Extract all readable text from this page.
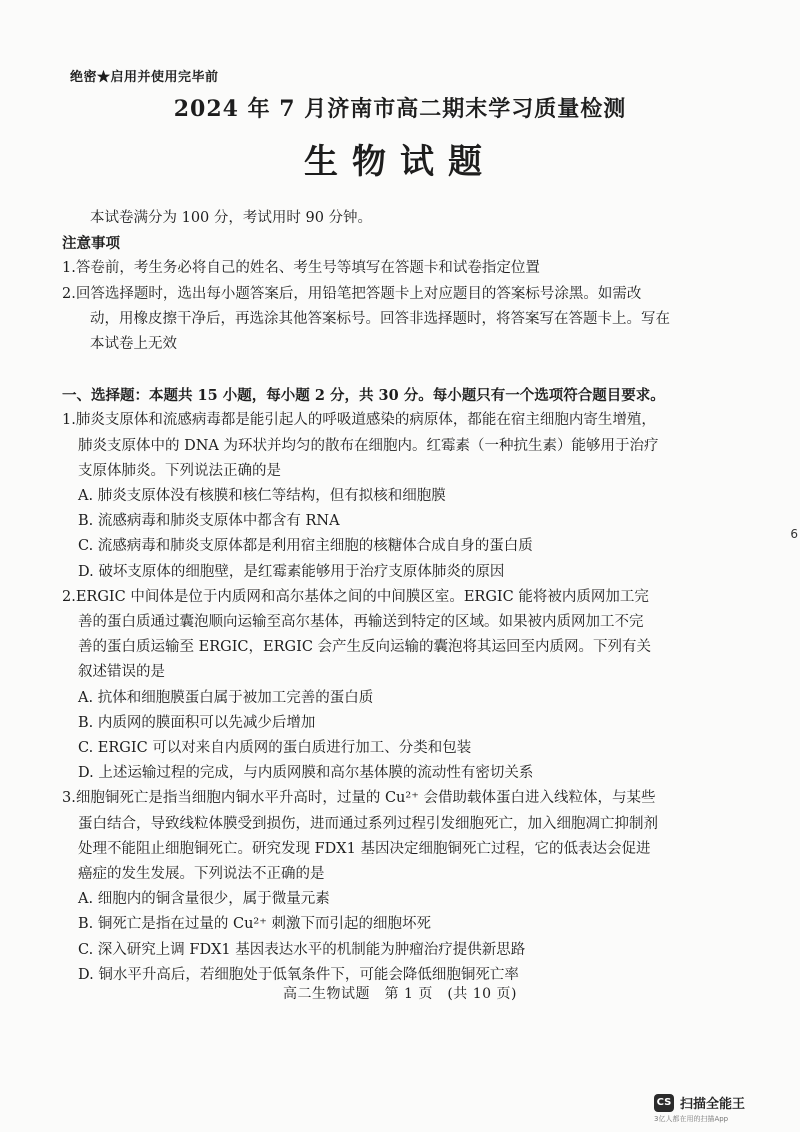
绝密★启用并使用完毕前
2024 年 7 月济南市高二期末学习质量检测
生物试题

本试卷满分为 100 分，考试用时 90 分钟。

注意事项

1.答卷前，考生务必将自己的姓名、考生号等填写在答题卡和试卷指定位置

2.回答选择题时，选出每小题答案后，用铅笔把答题卡上对应题目的答案标号涂黑。如需改

动，用橡皮擦干净后，再选涂其他答案标号。回答非选择题时，将答案写在答题卡上。写在

本试卷上无效

一、选择题：本题共 15 小题，每小题 2 分，共 30 分。每小题只有一个选项符合题目要求。

1.肺炎支原体和流感病毒都是能引起人的呼吸道感染的病原体，都能在宿主细胞内寄生增殖，

肺炎支原体中的 DNA 为环状并均匀的散布在细胞内。红霉素（一种抗生素）能够用于治疗

支原体肺炎。下列说法正确的是

A. 肺炎支原体没有核膜和核仁等结构，但有拟核和细胞膜

B. 流感病毒和肺炎支原体中都含有 RNA

C. 流感病毒和肺炎支原体都是利用宿主细胞的核糖体合成自身的蛋白质

D. 破坏支原体的细胞壁，是红霉素能够用于治疗支原体肺炎的原因

2.ERGIC 中间体是位于内质网和高尔基体之间的中间膜区室。ERGIC 能将被内质网加工完

善的蛋白质通过囊泡顺向运输至高尔基体，再输送到特定的区域。如果被内质网加工不完

善的蛋白质运输至 ERGIC，ERGIC 会产生反向运输的囊泡将其运回至内质网。下列有关

叙述错误的是

A. 抗体和细胞膜蛋白属于被加工完善的蛋白质

B. 内质网的膜面积可以先减少后增加

C. ERGIC 可以对来自内质网的蛋白质进行加工、分类和包装

D. 上述运输过程的完成，与内质网膜和高尔基体膜的流动性有密切关系

3.细胞铜死亡是指当细胞内铜水平升高时，过量的 Cu²⁺ 会借助载体蛋白进入线粒体，与某些

蛋白结合，导致线粒体膜受到损伤，进而通过系列过程引发细胞死亡，加入细胞凋亡抑制剂

处理不能阻止细胞铜死亡。研究发现 FDX1 基因决定细胞铜死亡过程，它的低表达会促进

癌症的发生发展。下列说法不正确的是

A. 细胞内的铜含量很少，属于微量元素

B. 铜死亡是指在过量的 Cu²⁺ 刺激下而引起的细胞坏死

C. 深入研究上调 FDX1 基因表达水平的机制能为肿瘤治疗提供新思路

D. 铜水平升高后，若细胞处于低氧条件下，可能会降低细胞铜死亡率

高二生物试题　第 1 页　(共 10 页)
6
CS 扫描全能王
3亿人都在用的扫描App
